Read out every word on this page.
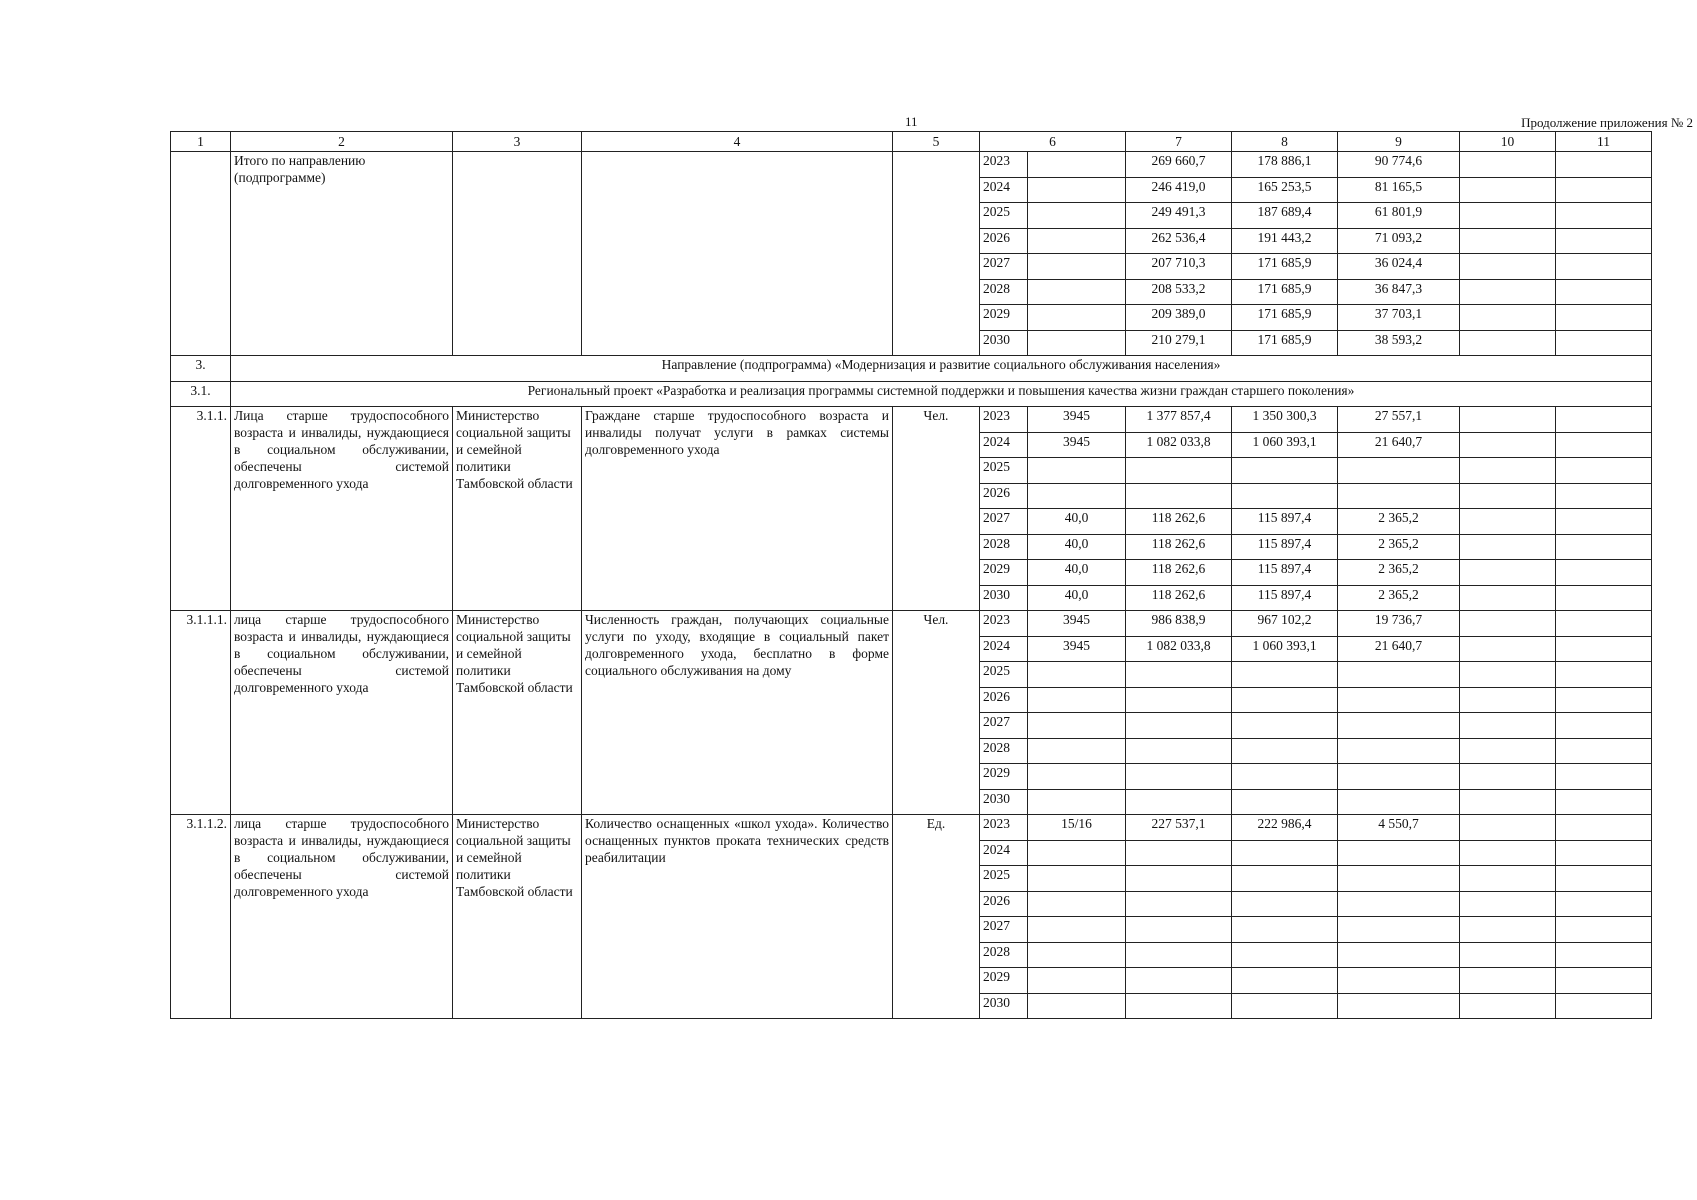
11	Продолжение приложения № 2
1	2	3	4	5	6		7	8	9	10	11
	Итого по направлению (подпрограмме)				2023		269 660,7	178 886,1	90 774,6		
					2024		246 419,0	165 253,5	81 165,5		
					2025		249 491,3	187 689,4	61 801,9		
					2026		262 536,4	191 443,2	71 093,2		
					2027		207 710,3	171 685,9	36 024,4		
					2028		208 533,2	171 685,9	36 847,3		
					2029		209 389,0	171 685,9	37 703,1		
					2030		210 279,1	171 685,9	38 593,2		
3.	Направление (подпрограмма) «Модернизация и развитие социального обслуживания населения»										
3.1.	Региональный проект «Разработка и реализация программы системной поддержки и повышения качества жизни граждан старшего поколения»										
3.1.1.	Лица старше трудоспособного возраста и инвалиды, нуждающиеся в социальном обслуживании, обеспечены системой долговременного ухода	Министерство социальной защиты и семейной политики Тамбовской области	Граждане старше трудоспособного возраста и инвалиды получат услуги в рамках системы долговременного ухода	Чел.	2023	3945	1 377 857,4	1 350 300,3	27 557,1		
					2024	3945	1 082 033,8	1 060 393,1	21 640,7		
					2025						
					2026						
					2027	40,0	118 262,6	115 897,4	2 365,2		
					2028	40,0	118 262,6	115 897,4	2 365,2		
					2029	40,0	118 262,6	115 897,4	2 365,2		
					2030	40,0	118 262,6	115 897,4	2 365,2		
3.1.1.1.	лица старше трудоспособного возраста и инвалиды, нуждающиеся в социальном обслуживании, обеспечены системой долговременного ухода	Министерство социальной защиты и семейной политики Тамбовской области	Численность граждан, получающих социальные услуги по уходу, входящие в социальный пакет долговременного ухода, бесплатно в форме социального обслуживания на дому	Чел.	2023	3945	986 838,9	967 102,2	19 736,7		
					2024	3945	1 082 033,8	1 060 393,1	21 640,7		
					2025						
					2026						
					2027						
					2028						
					2029						
					2030						
3.1.1.2.	лица старше трудоспособного возраста и инвалиды, нуждающиеся в социальном обслуживании, обеспечены системой долговременного ухода	Министерство социальной защиты и семейной политики Тамбовской области	Количество оснащенных «школ ухода». Количество оснащенных пунктов проката технических средств реабилитации	Ед.	2023	15/16	227 537,1	222 986,4	4 550,7		
					2024						
					2025						
					2026						
					2027						
					2028						
					2029						
					2030						
